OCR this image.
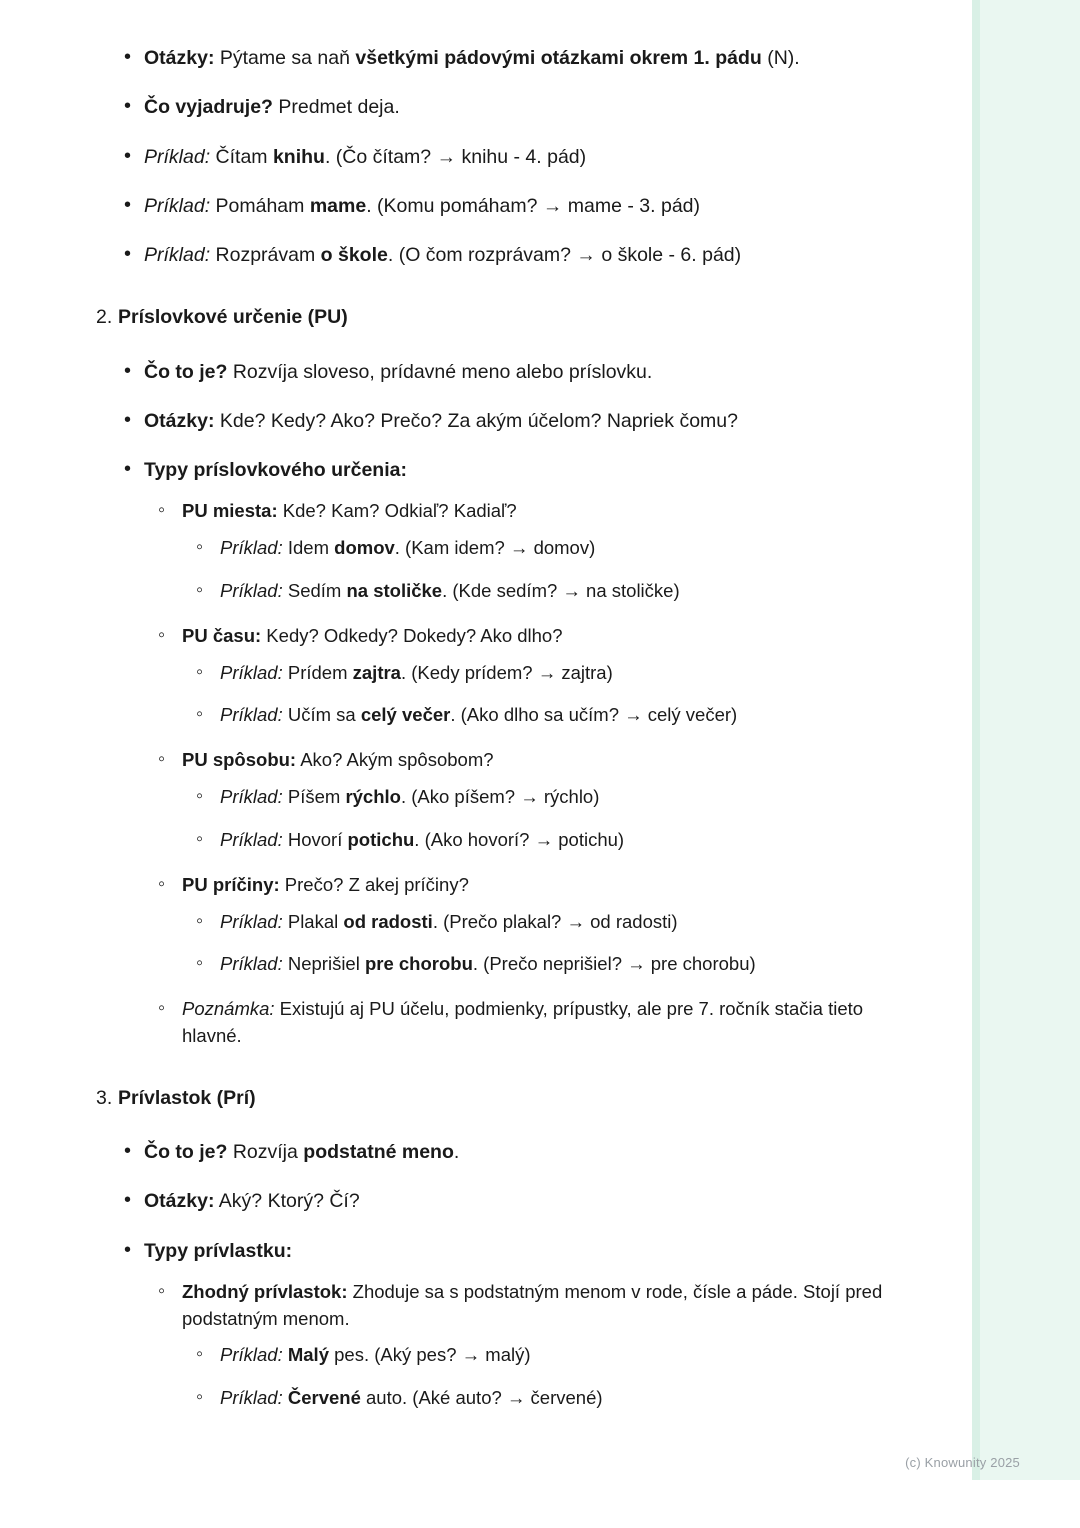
• Otázky: Pýtame sa naň všetkými pádovými otázkami okrem 1. pádu (N).
• Čo vyjadruje? Predmet deja.
• Príklad: Čítam knihu. (Čo čítam? → knihu - 4. pád)
• Príklad: Pomáham mame. (Komu pomáham? → mame - 3. pád)
• Príklad: Rozprávam o škole. (O čom rozprávam? → o škole - 6. pád)
2. Príslovkové určenie (PU)
• Čo to je? Rozvíja sloveso, prídavné meno alebo príslovku.
• Otázky: Kde? Kedy? Ako? Prečo? Za akým účelom? Napriek čomu?
• Typy príslovkového určenia:
◦ PU miesta: Kde? Kam? Odkiaľ? Kadiaľ?
◦ Príklad: Idem domov. (Kam idem? → domov)
◦ Príklad: Sedím na stoličke. (Kde sedím? → na stoličke)
◦ PU času: Kedy? Odkedy? Dokedy? Ako dlho?
◦ Príklad: Prídem zajtra. (Kedy prídem? → zajtra)
◦ Príklad: Učím sa celý večer. (Ako dlho sa učím? → celý večer)
◦ PU spôsobu: Ako? Akým spôsobom?
◦ Príklad: Píšem rýchlo. (Ako píšem? → rýchlo)
◦ Príklad: Hovorí potichu. (Ako hovorí? → potichu)
◦ PU príčiny: Prečo? Z akej príčiny?
◦ Príklad: Plakal od radosti. (Prečo plakal? → od radosti)
◦ Príklad: Neprišiel pre chorobu. (Prečo neprišiel? → pre chorobu)
◦ Poznámka: Existujú aj PU účelu, podmienky, prípustky, ale pre 7. ročník stačia tieto hlavné.
3. Prívlastok (Prí)
• Čo to je? Rozvíja podstatné meno.
• Otázky: Aký? Ktorý? Čí?
• Typy prívlastku:
◦ Zhodný prívlastok: Zhoduje sa s podstatným menom v rode, čísle a páde. Stojí pred podstatným menom.
◦ Príklad: Malý pes. (Aký pes? → malý)
◦ Príklad: Červené auto. (Aké auto? → červené)
(c) Knowunity 2025
